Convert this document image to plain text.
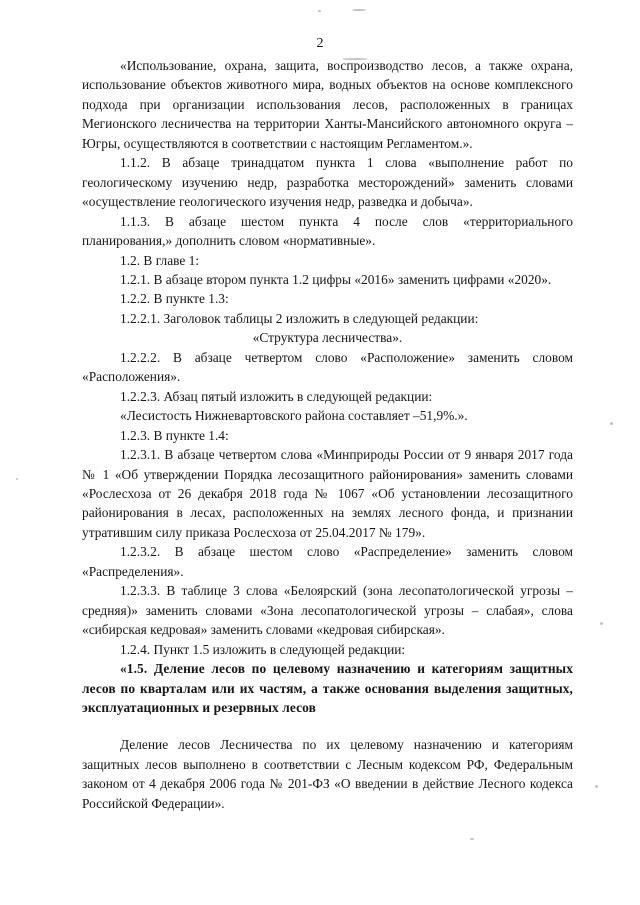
2

«Использование, охрана, защита, воспроизводство лесов, а также охрана, использование объектов животного мира, водных объектов на основе комплексного подхода при организации использования лесов, расположенных в границах Мегионского лесничества на территории Ханты-Мансийского автономного округа – Югры, осуществляются в соответствии с настоящим Регламентом.».

1.1.2. В абзаце тринадцатом пункта 1 слова «выполнение работ по геологическому изучению недр, разработка месторождений» заменить словами «осуществление геологического изучения недр, разведка и добыча».

1.1.3. В абзаце шестом пункта 4 после слов «территориального планирования,» дополнить словом «нормативные».

1.2. В главе 1:

1.2.1. В абзаце втором пункта 1.2 цифры «2016» заменить цифрами «2020».

1.2.2. В пункте 1.3:

1.2.2.1. Заголовок таблицы 2 изложить в следующей редакции:

«Структура лесничества».

1.2.2.2. В абзаце четвертом слово «Расположение» заменить словом «Расположения».

1.2.2.3. Абзац пятый изложить в следующей редакции:

«Лесистость Нижневартовского района составляет –51,9%.».

1.2.3. В пункте 1.4:

1.2.3.1. В абзаце четвертом слова «Минприроды России от 9 января 2017 года № 1 «Об утверждении Порядка лесозащитного районирования» заменить словами «Рослесхоза от 26 декабря 2018 года № 1067 «Об установлении лесозащитного районирования в лесах, расположенных на землях лесного фонда, и признании утратившим силу приказа Рослесхоза от 25.04.2017 № 179».

1.2.3.2. В абзаце шестом слово «Распределение» заменить словом «Распределения».

1.2.3.3. В таблице 3 слова «Белоярский (зона лесопатологической угрозы – средняя)» заменить словами «Зона лесопатологической угрозы – слабая», слова «сибирская кедровая» заменить словами «кедровая сибирская».

1.2.4. Пункт 1.5 изложить в следующей редакции:

«1.5. Деление лесов по целевому назначению и категориям защитных лесов по кварталам или их частям, а также основания выделения защитных, эксплуатационных и резервных лесов

Деление лесов Лесничества по их целевому назначению и категориям защитных лесов выполнено в соответствии с Лесным кодексом РФ, Федеральным законом от 4 декабря 2006 года № 201-ФЗ «О введении в действие Лесного кодекса Российской Федерации».
